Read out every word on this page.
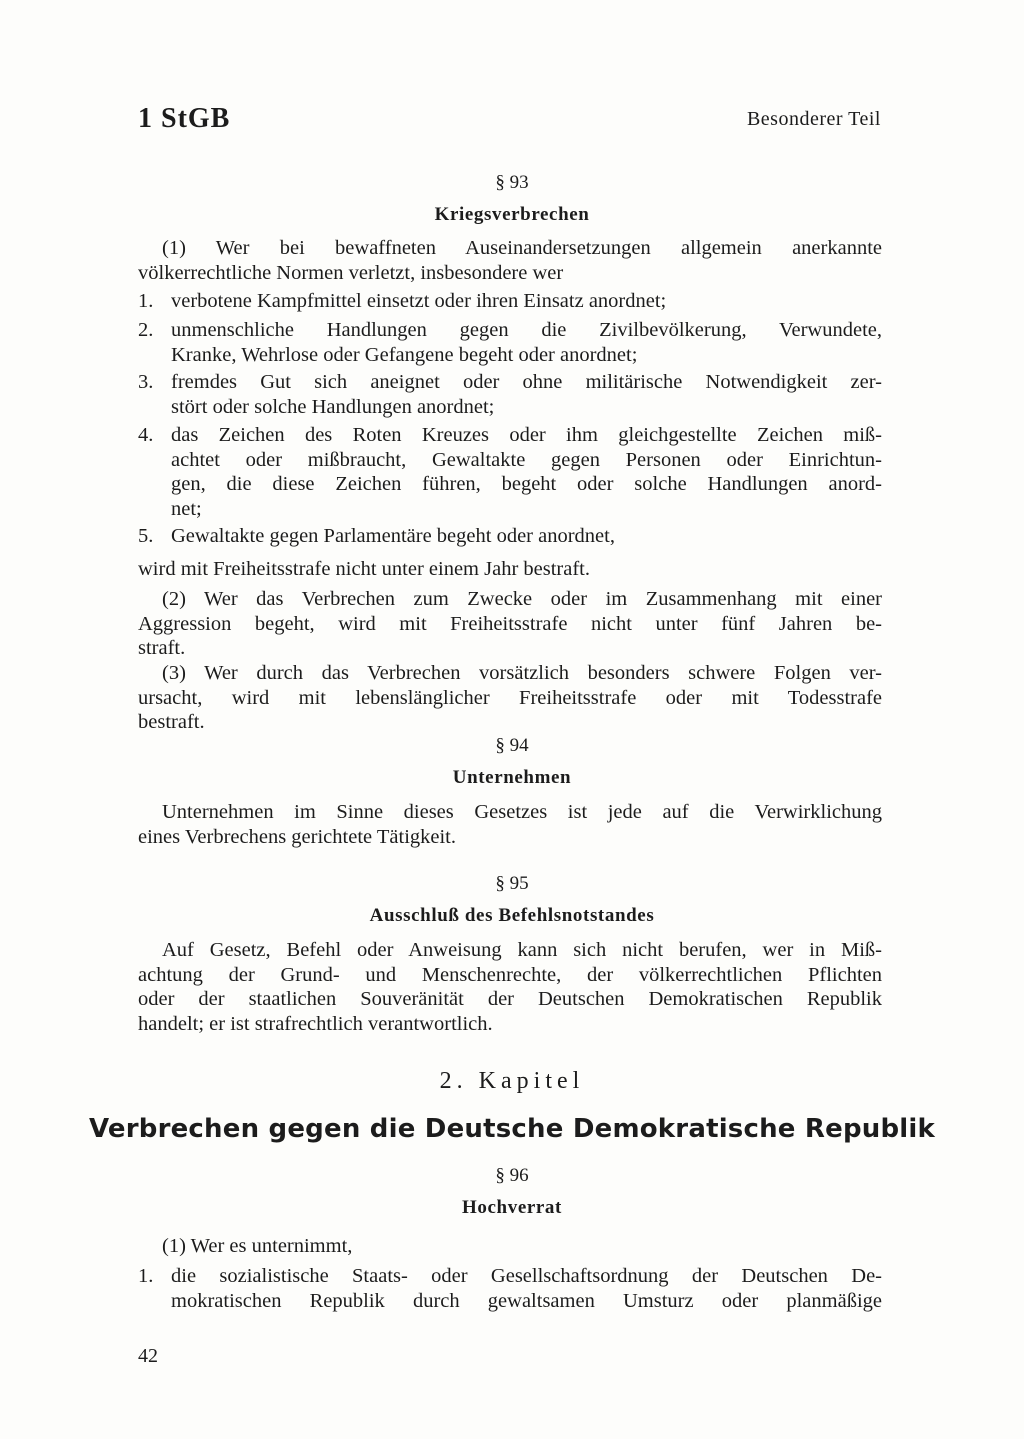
1 StGB	Besonderer Teil
§ 93
Kriegsverbrechen
(1) Wer bei bewaffneten Auseinandersetzungen allgemein anerkannte
völkerrechtliche Normen verletzt, insbesondere wer
1. verbotene Kampfmittel einsetzt oder ihren Einsatz anordnet;
2. unmenschliche Handlungen gegen die Zivilbevölkerung, Verwundete,
Kranke, Wehrlose oder Gefangene begeht oder anordnet;
3. fremdes Gut sich aneignet oder ohne militärische Notwendigkeit zer-
stört oder solche Handlungen anordnet;
4. das Zeichen des Roten Kreuzes oder ihm gleichgestellte Zeichen miß-
achtet oder mißbraucht, Gewaltakte gegen Personen oder Einrichtun-
gen, die diese Zeichen führen, begeht oder solche Handlungen anord-
net;
5. Gewaltakte gegen Parlamentäre begeht oder anordnet,
wird mit Freiheitsstrafe nicht unter einem Jahr bestraft.
(2) Wer das Verbrechen zum Zwecke oder im Zusammenhang mit einer
Aggression begeht, wird mit Freiheitsstrafe nicht unter fünf Jahren be-
straft.
(3) Wer durch das Verbrechen vorsätzlich besonders schwere Folgen ver-
ursacht, wird mit lebenslänglicher Freiheitsstrafe oder mit Todesstrafe
bestraft.
§ 94
Unternehmen
Unternehmen im Sinne dieses Gesetzes ist jede auf die Verwirklichung
eines Verbrechens gerichtete Tätigkeit.
§ 95
Ausschluß des Befehlsnotstandes
Auf Gesetz, Befehl oder Anweisung kann sich nicht berufen, wer in Miß-
achtung der Grund- und Menschenrechte, der völkerrechtlichen Pflichten
oder der staatlichen Souveränität der Deutschen Demokratischen Republik
handelt; er ist strafrechtlich verantwortlich.
2. Kapitel
Verbrechen gegen die Deutsche Demokratische Republik
§ 96
Hochverrat
(1) Wer es unternimmt,
1. die sozialistische Staats- oder Gesellschaftsordnung der Deutschen De-
mokratischen Republik durch gewaltsamen Umsturz oder planmäßige
42
